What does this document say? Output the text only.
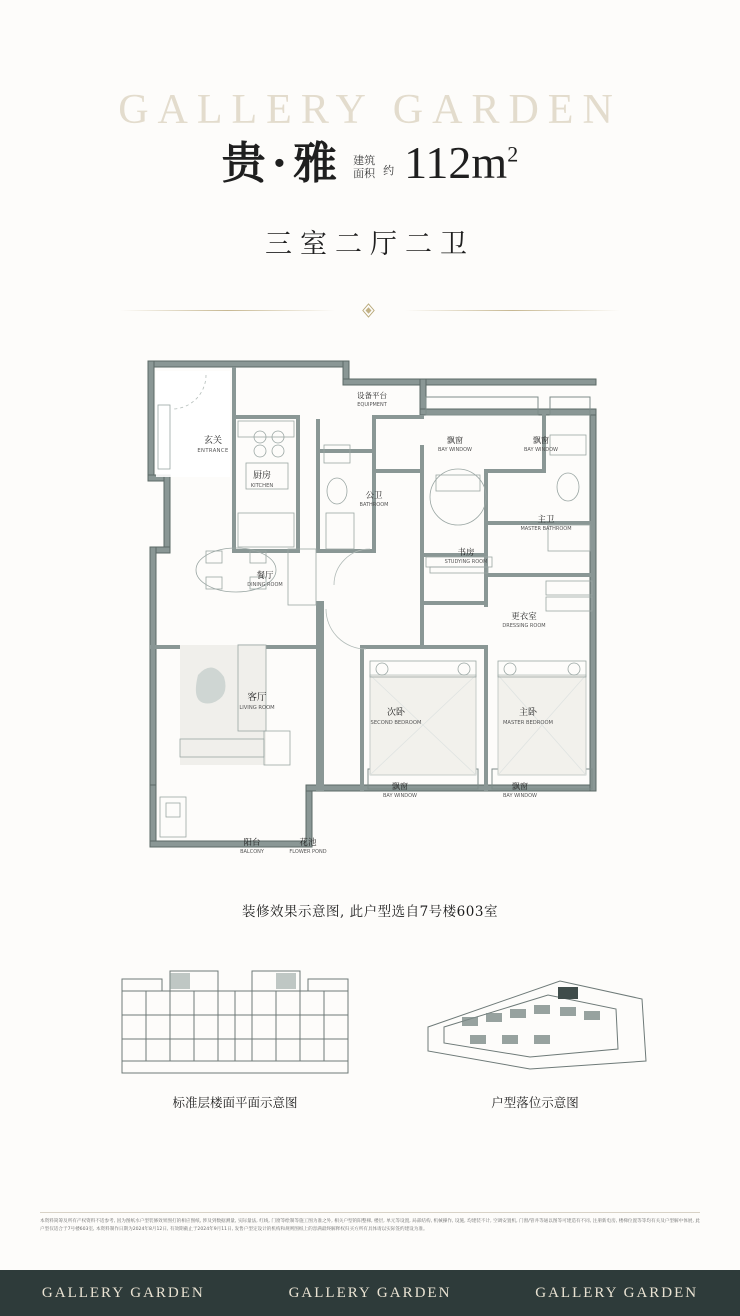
GALLERY GARDEN
贵·雅 建筑
面积 约 $112m^2$
三室二厅二卫
玄关
ENTRANCE
厨房
KITCHEN
设备平台
EQUIPMENT
公卫
BATHROOM
飘窗
BAY WINDOW
飘窗
BAY WINDOW
主卫
MASTER BATHROOM
书房
STUDYING ROOM
更衣室
DRESSING ROOM
餐厅
DINING ROOM
客厅
LIVING ROOM	次卧
SECOND BEDROOM
主卧
MASTER BEDROOM
飘窗
BAY WINDOW
飘窗
BAY WINDOW
阳台
BALCONY
花池
FLOWER POND
装修效果示意图, 此户型选自7号楼603室
标准层楼面平面示意图	户型落位示意图
本资料简筹及所有产权资料不适参考, 因为图纸水户型装修效果图打的相应图纸, 涉及到数据测量, 实际量法, 红线, 门窗等绘制等施工图为准之外, 相关户型的阳整梯, 楼层, 单元等设置, 局部结构, 机械操作, 设施, 均建装不计, 空调安置机, 门窗/管井等通以图等可建造有不同, 注册新电房, 楼梯位置等等均有关及户型解中体展, 此户型仅适合于7号楼603室, 本资料制作日期为2024年8月12日, 有效期截止于2024年9月11日, 发售户型定设计的机构和规则图纸上的容满最终解释权归买方所有具体请以实际签约建设为准。
GALLERY GARDEN	GALLERY GARDEN	GALLERY GARDEN
